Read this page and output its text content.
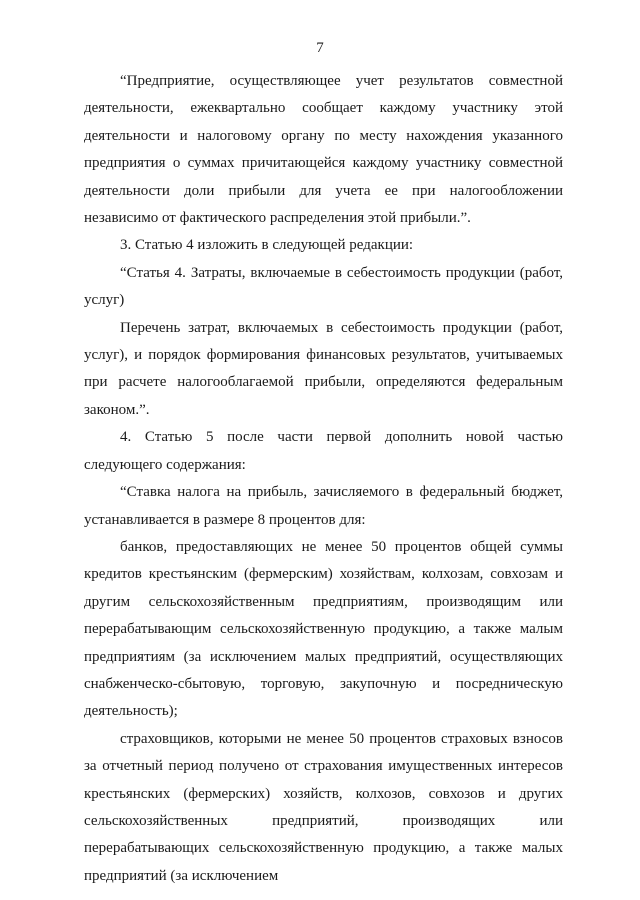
7

“Предприятие, осуществляющее учет результатов совместной деятельности, ежеквартально сообщает каждому участнику этой деятельности и налоговому органу по месту нахождения указанного предприятия о суммах причитающейся каждому участнику совместной деятельности доли прибыли для учета ее при налогообложении независимо от фактического распределения этой прибыли.”.

3. Статью 4 изложить в следующей редакции:

“Статья 4. Затраты, включаемые в себестоимость продукции (работ, услуг)

Перечень затрат, включаемых в себестоимость продукции (работ, услуг), и порядок формирования финансовых результатов, учитываемых при расчете налогооблагаемой прибыли, определяются федеральным законом.”.

4. Статью 5 после части первой дополнить новой частью следующего содержания:

“Ставка налога на прибыль, зачисляемого в федеральный бюджет, устанавливается в размере 8 процентов для:

банков, предоставляющих не менее 50 процентов общей суммы кредитов крестьянским (фермерским) хозяйствам, колхозам, совхозам и другим сельскохозяйственным предприятиям, производящим или перерабатывающим сельскохозяйственную продукцию, а также малым предприятиям (за исключением малых предприятий, осуществляющих снабженческо-сбытовую, торговую, закупочную и посредническую деятельность);

страховщиков, которыми не менее 50 процентов страховых взносов за отчетный период получено от страхования имущественных интересов крестьянских (фермерских) хозяйств, колхозов, совхозов и других сельскохозяйственных предприятий, производящих или перерабатывающих сельскохозяйственную продукцию, а также малых предприятий (за исключением
